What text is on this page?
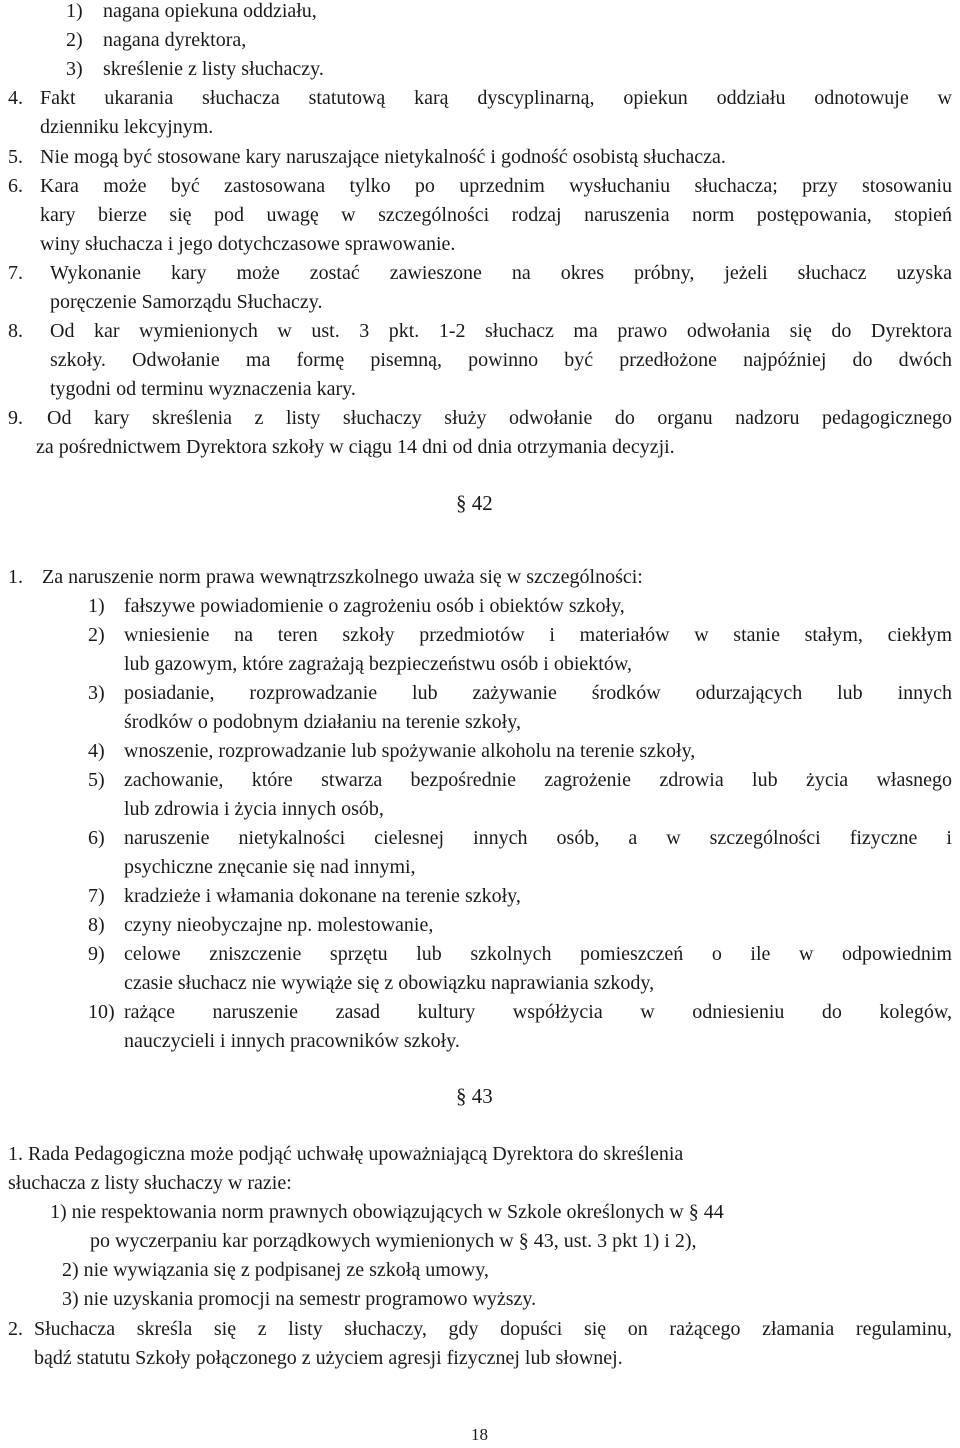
1) nagana opiekuna oddziału,
2) nagana dyrektora,
3) skreślenie z listy słuchaczy.
4. Fakt ukarania słuchacza statutową karą dyscyplinarną, opiekun oddziału odnotowuje w
dzienniku lekcyjnym.
5. Nie mogą być stosowane kary naruszające nietykalność i godność osobistą słuchacza.
6. Kara może być zastosowana tylko po uprzednim wysłuchaniu słuchacza; przy stosowaniu
kary bierze się pod uwagę w szczególności rodzaj naruszenia norm postępowania, stopień
winy słuchacza i jego dotychczasowe sprawowanie.
7. Wykonanie kary może zostać zawieszone na okres próbny, jeżeli słuchacz uzyska
poręczenie Samorządu Słuchaczy.
8. Od kar wymienionych w ust. 3 pkt. 1-2 słuchacz ma prawo odwołania się do Dyrektora
szkoły. Odwołanie ma formę pisemną, powinno być przedłożone najpóźniej do dwóch
tygodni od terminu wyznaczenia kary.
9. Od kary skreślenia z listy słuchaczy służy odwołanie do organu nadzoru pedagogicznego
za pośrednictwem Dyrektora szkoły w ciągu 14 dni od dnia otrzymania decyzji.
§ 42
1. Za naruszenie norm prawa wewnątrzszkolnego uważa się w szczególności:
1) fałszywe powiadomienie o zagrożeniu osób i obiektów szkoły,
2) wniesienie na teren szkoły przedmiotów i materiałów w stanie stałym, ciekłym
lub gazowym, które zagrażają bezpieczeństwu osób i obiektów,
3) posiadanie, rozprowadzanie lub zażywanie środków odurzających lub innych
środków o podobnym działaniu na terenie szkoły,
4) wnoszenie, rozprowadzanie lub spożywanie alkoholu na terenie szkoły,
5) zachowanie, które stwarza bezpośrednie zagrożenie zdrowia lub życia własnego
lub zdrowia i życia innych osób,
6) naruszenie nietykalności cielesnej innych osób, a w szczególności fizyczne i
psychiczne znęcanie się nad innymi,
7) kradzieże i włamania dokonane na terenie szkoły,
8) czyny nieobyczajne np. molestowanie,
9) celowe zniszczenie sprzętu lub szkolnych pomieszczeń o ile w odpowiednim
czasie słuchacz nie wywiąże się z obowiązku naprawiania szkody,
10) rażące naruszenie zasad kultury współżycia w odniesieniu do kolegów,
nauczycieli i innych pracowników szkoły.
§ 43
1. Rada Pedagogiczna może podjąć uchwałę upoważniającą Dyrektora do skreślenia
słuchacza z listy słuchaczy w razie:
1) nie respektowania norm prawnych obowiązujących w Szkole określonych w § 44
po wyczerpaniu kar porządkowych wymienionych w § 43, ust. 3 pkt 1) i 2),
2) nie wywiązania się z podpisanej ze szkołą umowy,
3) nie uzyskania promocji na semestr programowo wyższy.
2. Słuchacza skreśla się z listy słuchaczy, gdy dopuści się on rażącego złamania regulaminu,
bądź statutu Szkoły połączonego z użyciem agresji fizycznej lub słownej.
18
